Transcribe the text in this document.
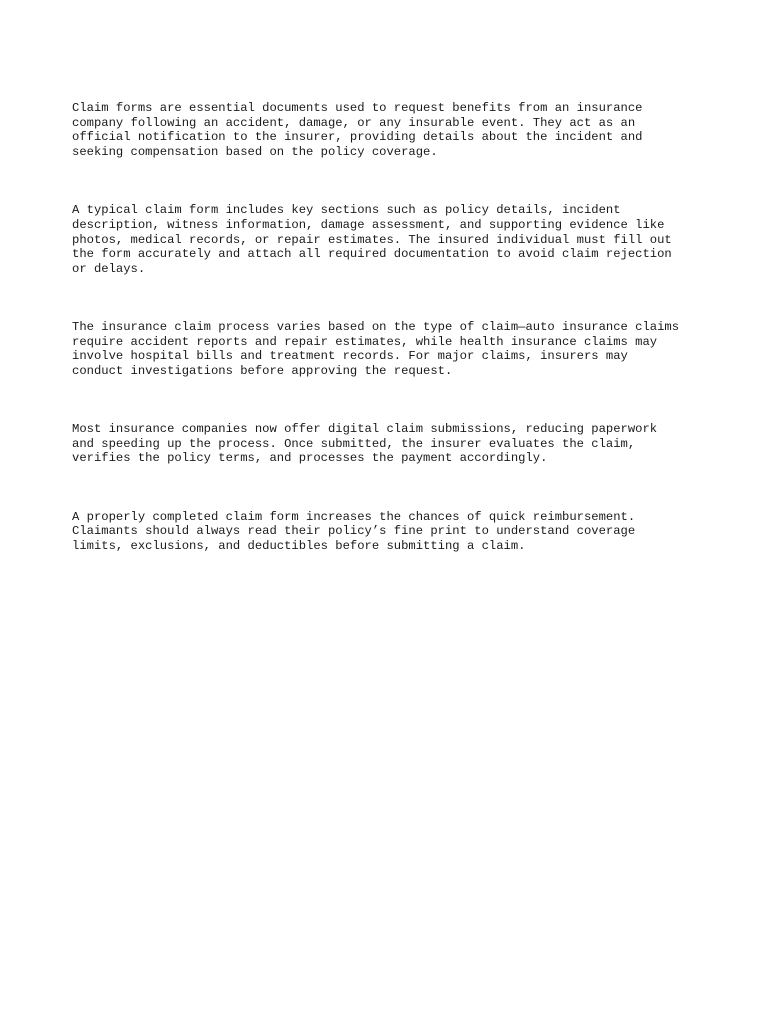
Claim forms are essential documents used to request benefits from an insurance
company following an accident, damage, or any insurable event. They act as an
official notification to the insurer, providing details about the incident and
seeking compensation based on the policy coverage.

A typical claim form includes key sections such as policy details, incident
description, witness information, damage assessment, and supporting evidence like
photos, medical records, or repair estimates. The insured individual must fill out
the form accurately and attach all required documentation to avoid claim rejection
or delays.

The insurance claim process varies based on the type of claim—auto insurance claims
require accident reports and repair estimates, while health insurance claims may
involve hospital bills and treatment records. For major claims, insurers may
conduct investigations before approving the request.

Most insurance companies now offer digital claim submissions, reducing paperwork
and speeding up the process. Once submitted, the insurer evaluates the claim,
verifies the policy terms, and processes the payment accordingly.

A properly completed claim form increases the chances of quick reimbursement.
Claimants should always read their policy’s fine print to understand coverage
limits, exclusions, and deductibles before submitting a claim.
